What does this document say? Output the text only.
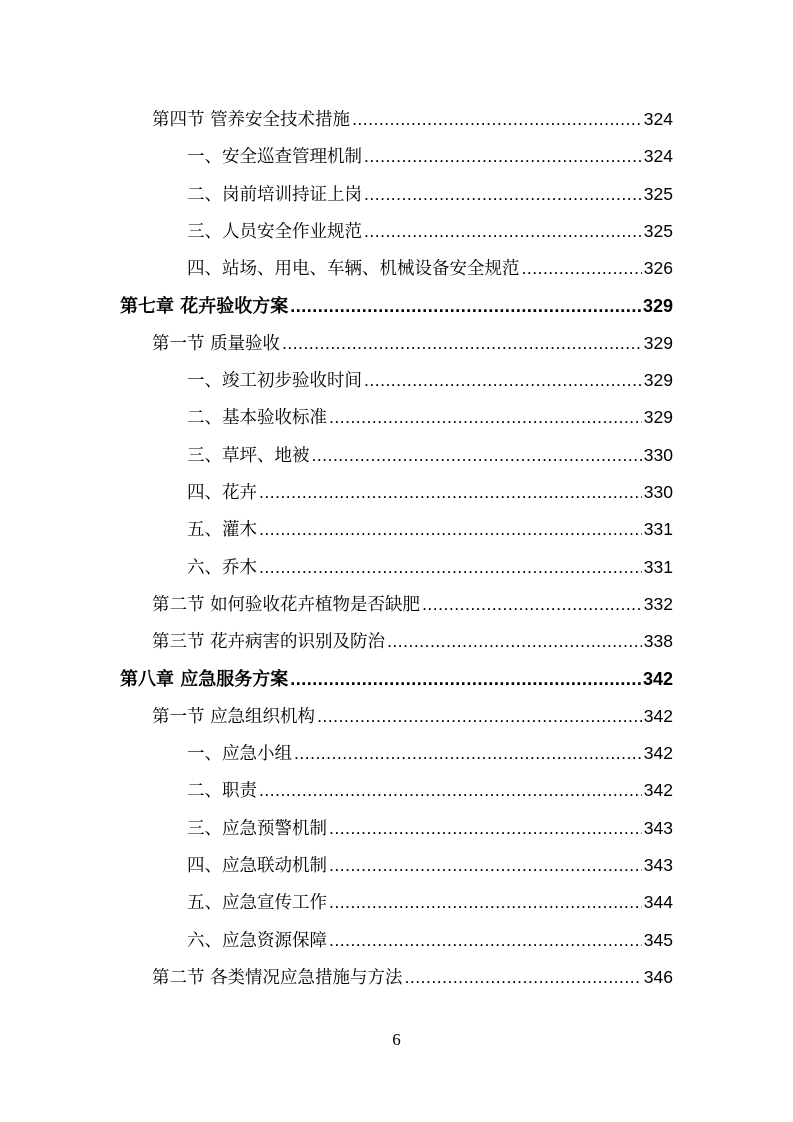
第四节 管养安全技术措施 .....	324
一、安全巡查管理机制 .....	324
二、岗前培训持证上岗 .....	325
三、人员安全作业规范 .....	325
四、站场、用电、车辆、机械设备安全规范 .....	326
第七章 花卉验收方案 .....	329
第一节 质量验收 .....	329
一、竣工初步验收时间 .....	329
二、基本验收标准 .....	329
三、草坪、地被 .....	330
四、花卉 .....	330
五、灌木 .....	331
六、乔木 .....	331
第二节 如何验收花卉植物是否缺肥 .....	332
第三节 花卉病害的识别及防治 .....	338
第八章 应急服务方案 .....	342
第一节 应急组织机构 .....	342
一、应急小组 .....	342
二、职责 .....	342
三、应急预警机制 .....	343
四、应急联动机制 .....	343
五、应急宣传工作 .....	344
六、应急资源保障 .....	345
第二节 各类情况应急措施与方法 .....	346
6
